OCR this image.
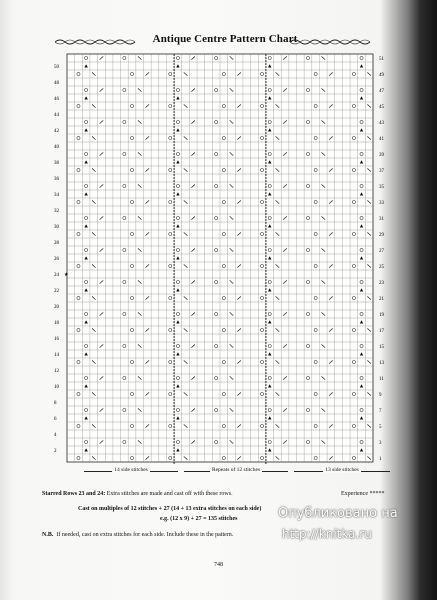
Antique Centre Pattern Chart
50
48
46
44
42
40
38
36
34
32
30
28
26
24
22
20
18
16
14
12
10
8
6
4
2
51
49
47
45
43
41
39
37
35
33
31
29
27
25
23
21
19
17
15
13
11
9
7
5
3
1
★
14 side stitches	Repeats of 12 stitches	13 side stitches
Starred Rows 23 and 24: Extra stitches are made and cast off with these rows.	Experience *****
Cast on multiples of 12 stitches + 27 (14 + 13 extra stitches on each side)
e.g. (12 x 9) + 27 = 135 stitches
N.B. If needed, cast on extra stitches for each side. Include these in the pattern.
748
Опубликовано на
http://knitka.ru
